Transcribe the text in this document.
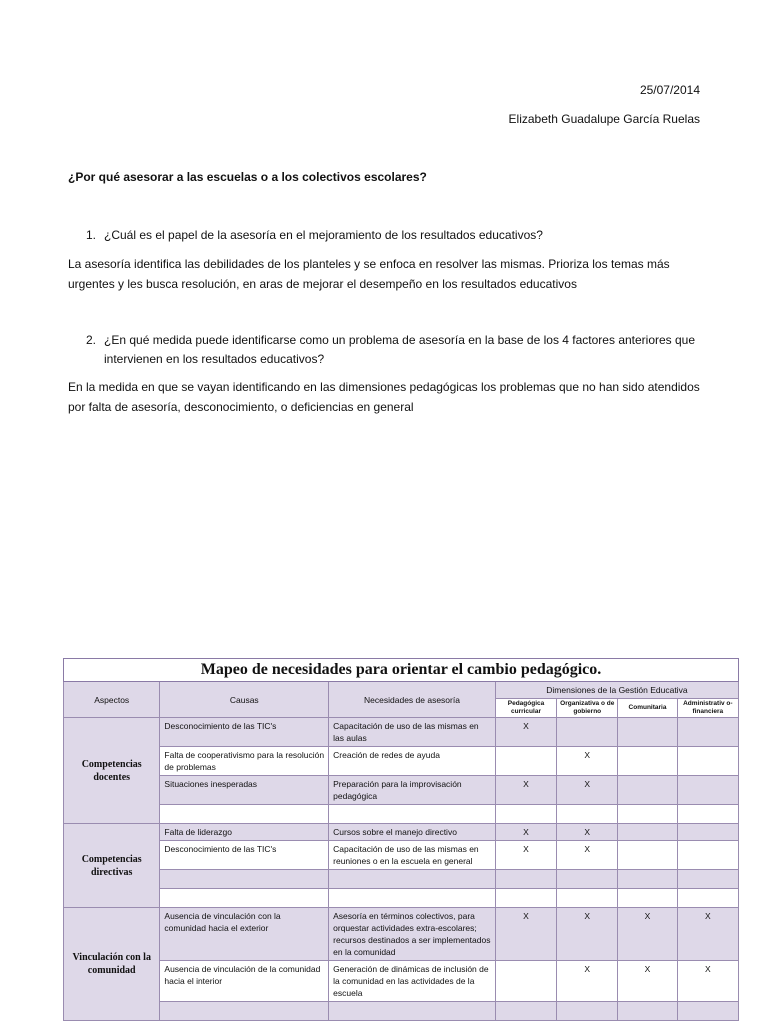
25/07/2014
Elizabeth Guadalupe García Ruelas
¿Por qué asesorar a las escuelas o a los colectivos escolares?
1. ¿Cuál es el papel de la asesoría en el mejoramiento de los resultados educativos?
La asesoría identifica las debilidades de los planteles y se enfoca en resolver las mismas. Prioriza los temas más urgentes y les busca resolución, en aras de mejorar el desempeño en los resultados educativos
2. ¿En qué medida puede identificarse como un problema de asesoría en la base de los 4 factores anteriores que intervienen en los resultados educativos?
En la medida en que se vayan identificando en las dimensiones pedagógicas los problemas que no han sido atendidos por falta de asesoría, desconocimiento, o deficiencias en general
Mapeo de necesidades para orientar el cambio pedagógico.						
Aspectos	Causas	Necesidades de asesoría	Dimensiones de la Gestión Educativa			
			Pedagógica curricular	Organizativa o de gobierno	Comunitaria	Administrativ o-financiera
Competencias docentes	Desconocimiento de las TIC's	Capacitación de uso de las mismas en las aulas	X			
	Falta de cooperativismo para la resolución de problemas	Creación de redes de ayuda		X		
	Situaciones inesperadas	Preparación para la improvisación pedagógica	X	X		

Competencias directivas	Falta de liderazgo	Cursos sobre el manejo directivo	X	X		
	Desconocimiento de las TIC's	Capacitación de uso de las mismas en reuniones o en la escuela en general	X	X		

Vinculación con la comunidad	Ausencia de vinculación con la comunidad hacia el exterior	Asesoría en términos colectivos, para orquestar actividades extra-escolares; recursos destinados a ser implementados en la comunidad	X	X	X	X
	Ausencia de vinculación de la comunidad hacia el interior	Generación de dinámicas de inclusión de la comunidad en las actividades de la escuela		X	X	X
